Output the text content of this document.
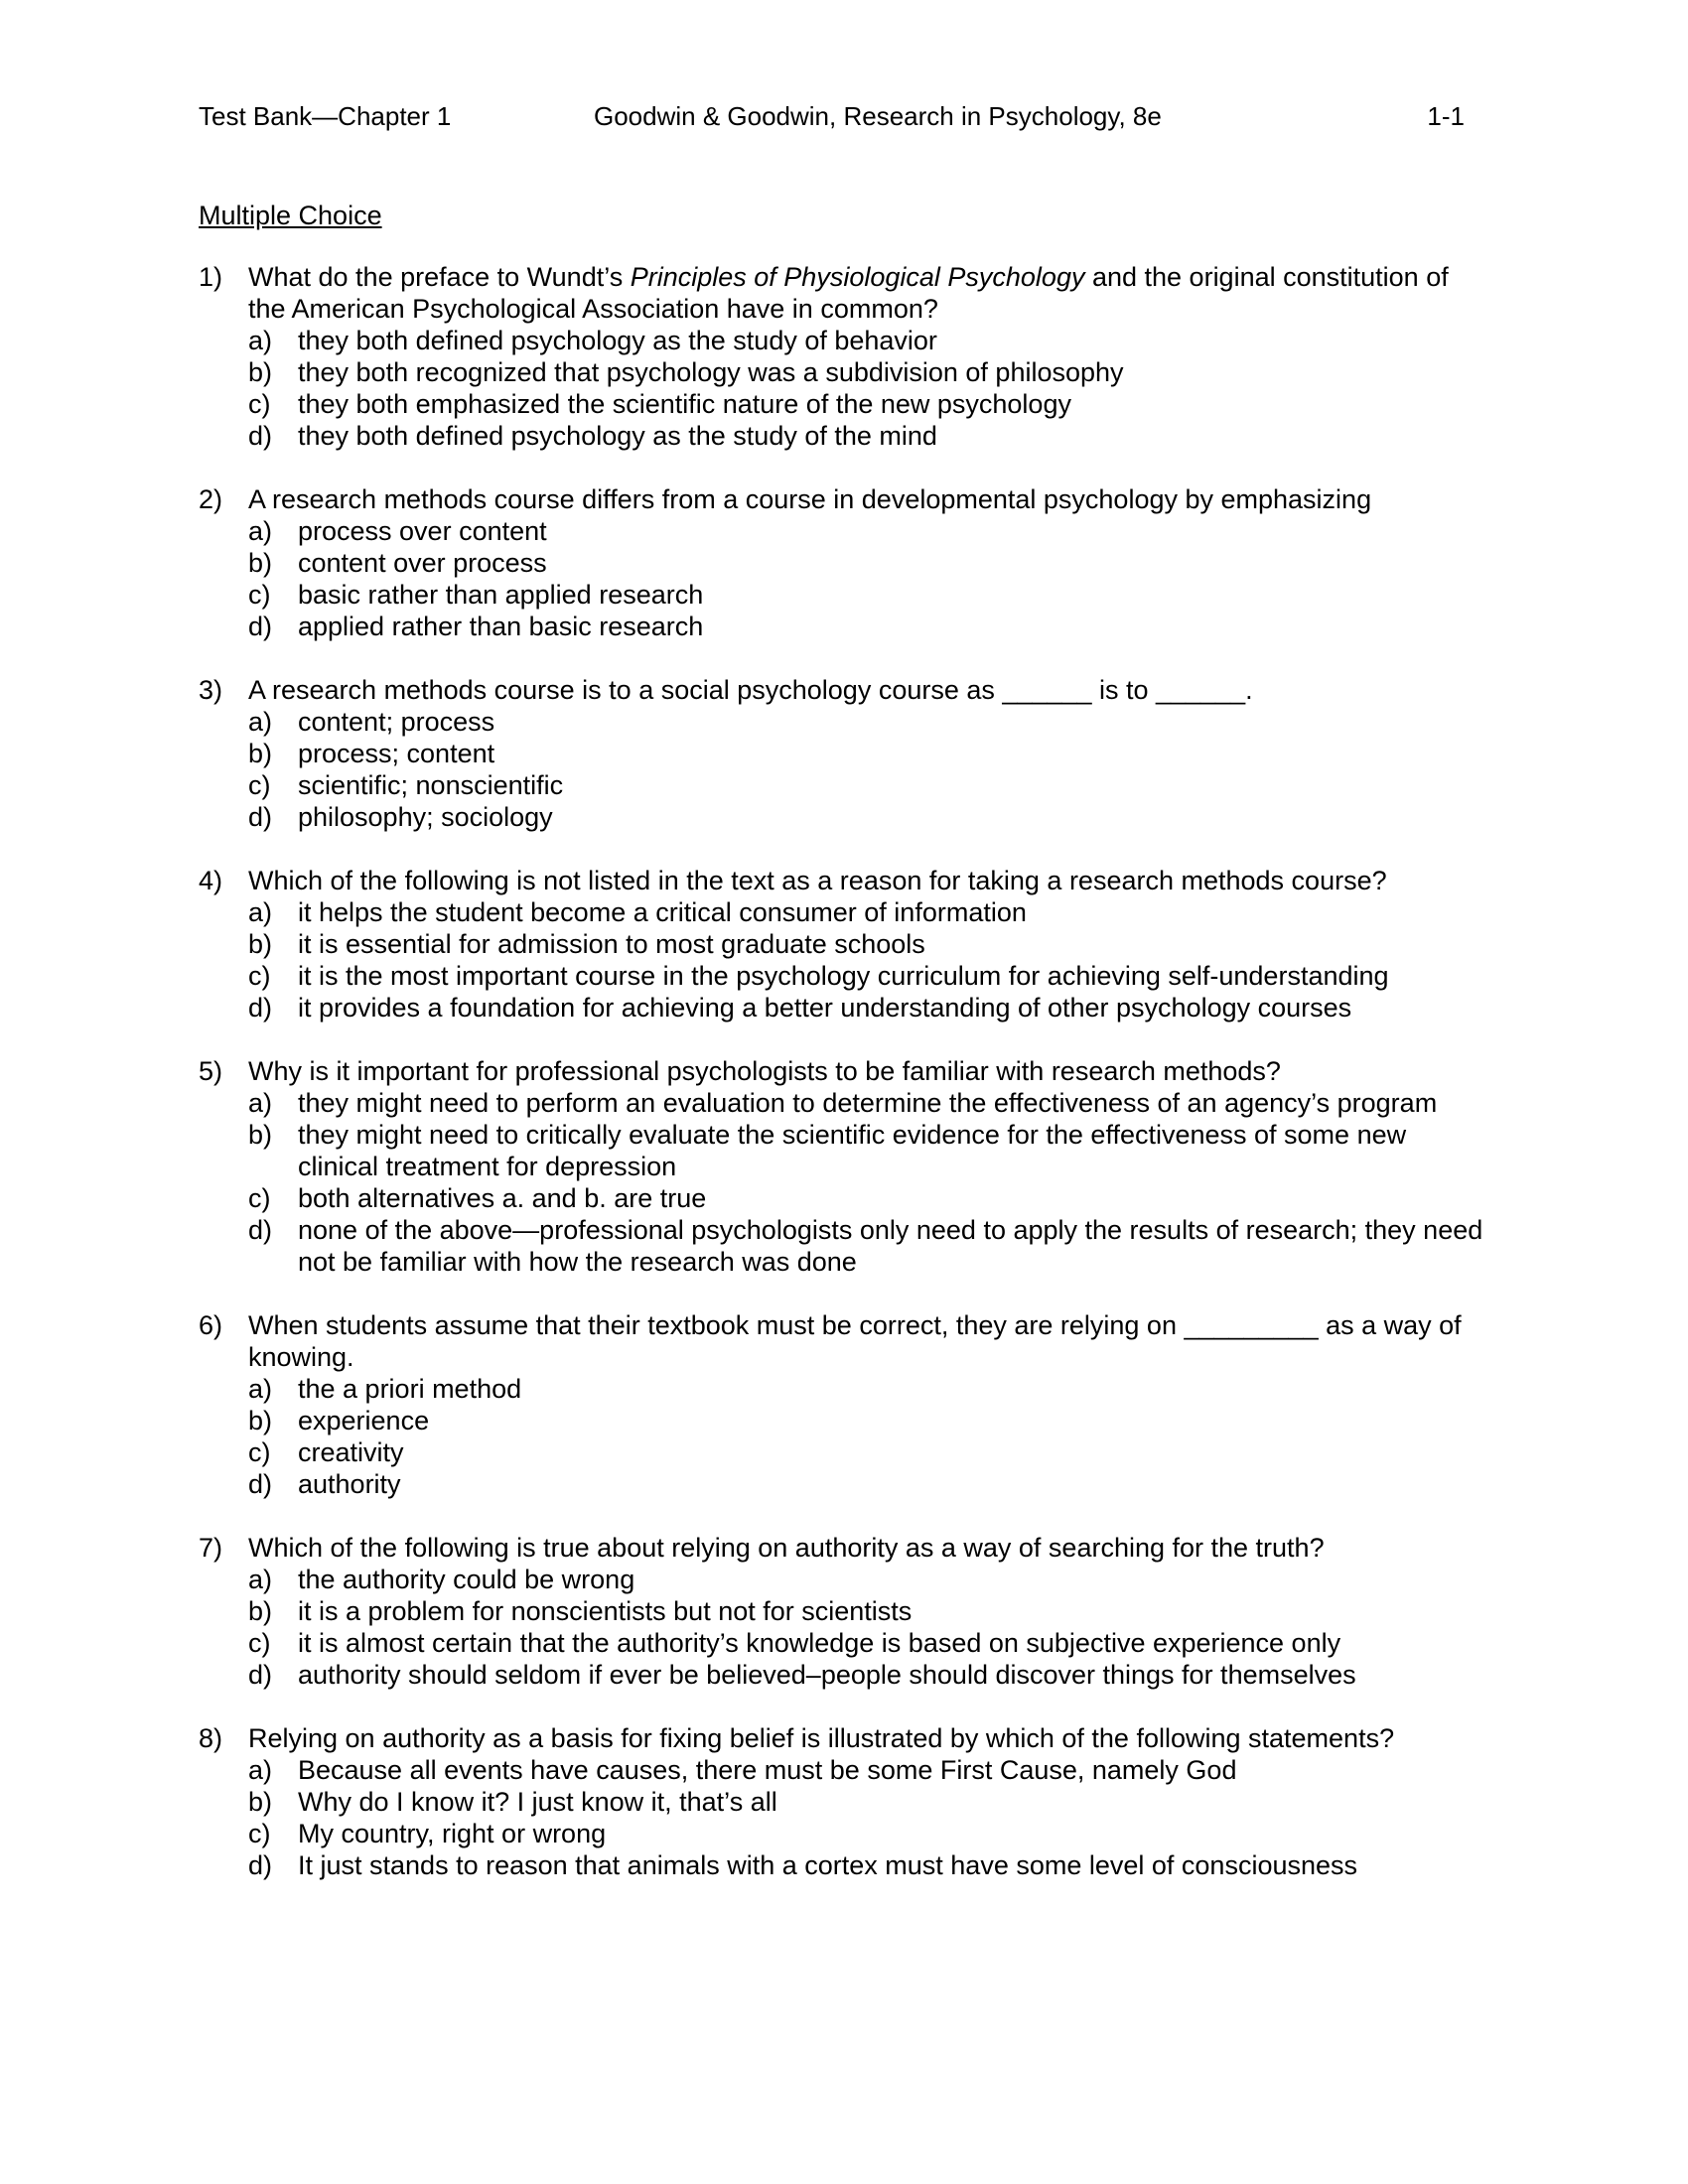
Test Bank—Chapter 1	Goodwin & Goodwin, Research in Psychology, 8e	1-1
Multiple Choice
1) What do the preface to Wundt’s Principles of Physiological Psychology and the original constitution of the American Psychological Association have in common?
a) they both defined psychology as the study of behavior
b) they both recognized that psychology was a subdivision of philosophy
c) they both emphasized the scientific nature of the new psychology
d) they both defined psychology as the study of the mind
2) A research methods course differs from a course in developmental psychology by emphasizing
a) process over content
b) content over process
c) basic rather than applied research
d) applied rather than basic research
3) A research methods course is to a social psychology course as ______ is to ______.
a) content; process
b) process; content
c) scientific; nonscientific
d) philosophy; sociology
4) Which of the following is not listed in the text as a reason for taking a research methods course?
a) it helps the student become a critical consumer of information
b) it is essential for admission to most graduate schools
c) it is the most important course in the psychology curriculum for achieving self-understanding
d) it provides a foundation for achieving a better understanding of other psychology courses
5) Why is it important for professional psychologists to be familiar with research methods?
a) they might need to perform an evaluation to determine the effectiveness of an agency’s program
b) they might need to critically evaluate the scientific evidence for the effectiveness of some new clinical treatment for depression
c) both alternatives a. and b. are true
d) none of the above—professional psychologists only need to apply the results of research; they need not be familiar with how the research was done
6) When students assume that their textbook must be correct, they are relying on _________ as a way of knowing.
a) the a priori method
b) experience
c) creativity
d) authority
7) Which of the following is true about relying on authority as a way of searching for the truth?
a) the authority could be wrong
b) it is a problem for nonscientists but not for scientists
c) it is almost certain that the authority’s knowledge is based on subjective experience only
d) authority should seldom if ever be believed–people should discover things for themselves
8) Relying on authority as a basis for fixing belief is illustrated by which of the following statements?
a) Because all events have causes, there must be some First Cause, namely God
b) Why do I know it? I just know it, that’s all
c) My country, right or wrong
d) It just stands to reason that animals with a cortex must have some level of consciousness
